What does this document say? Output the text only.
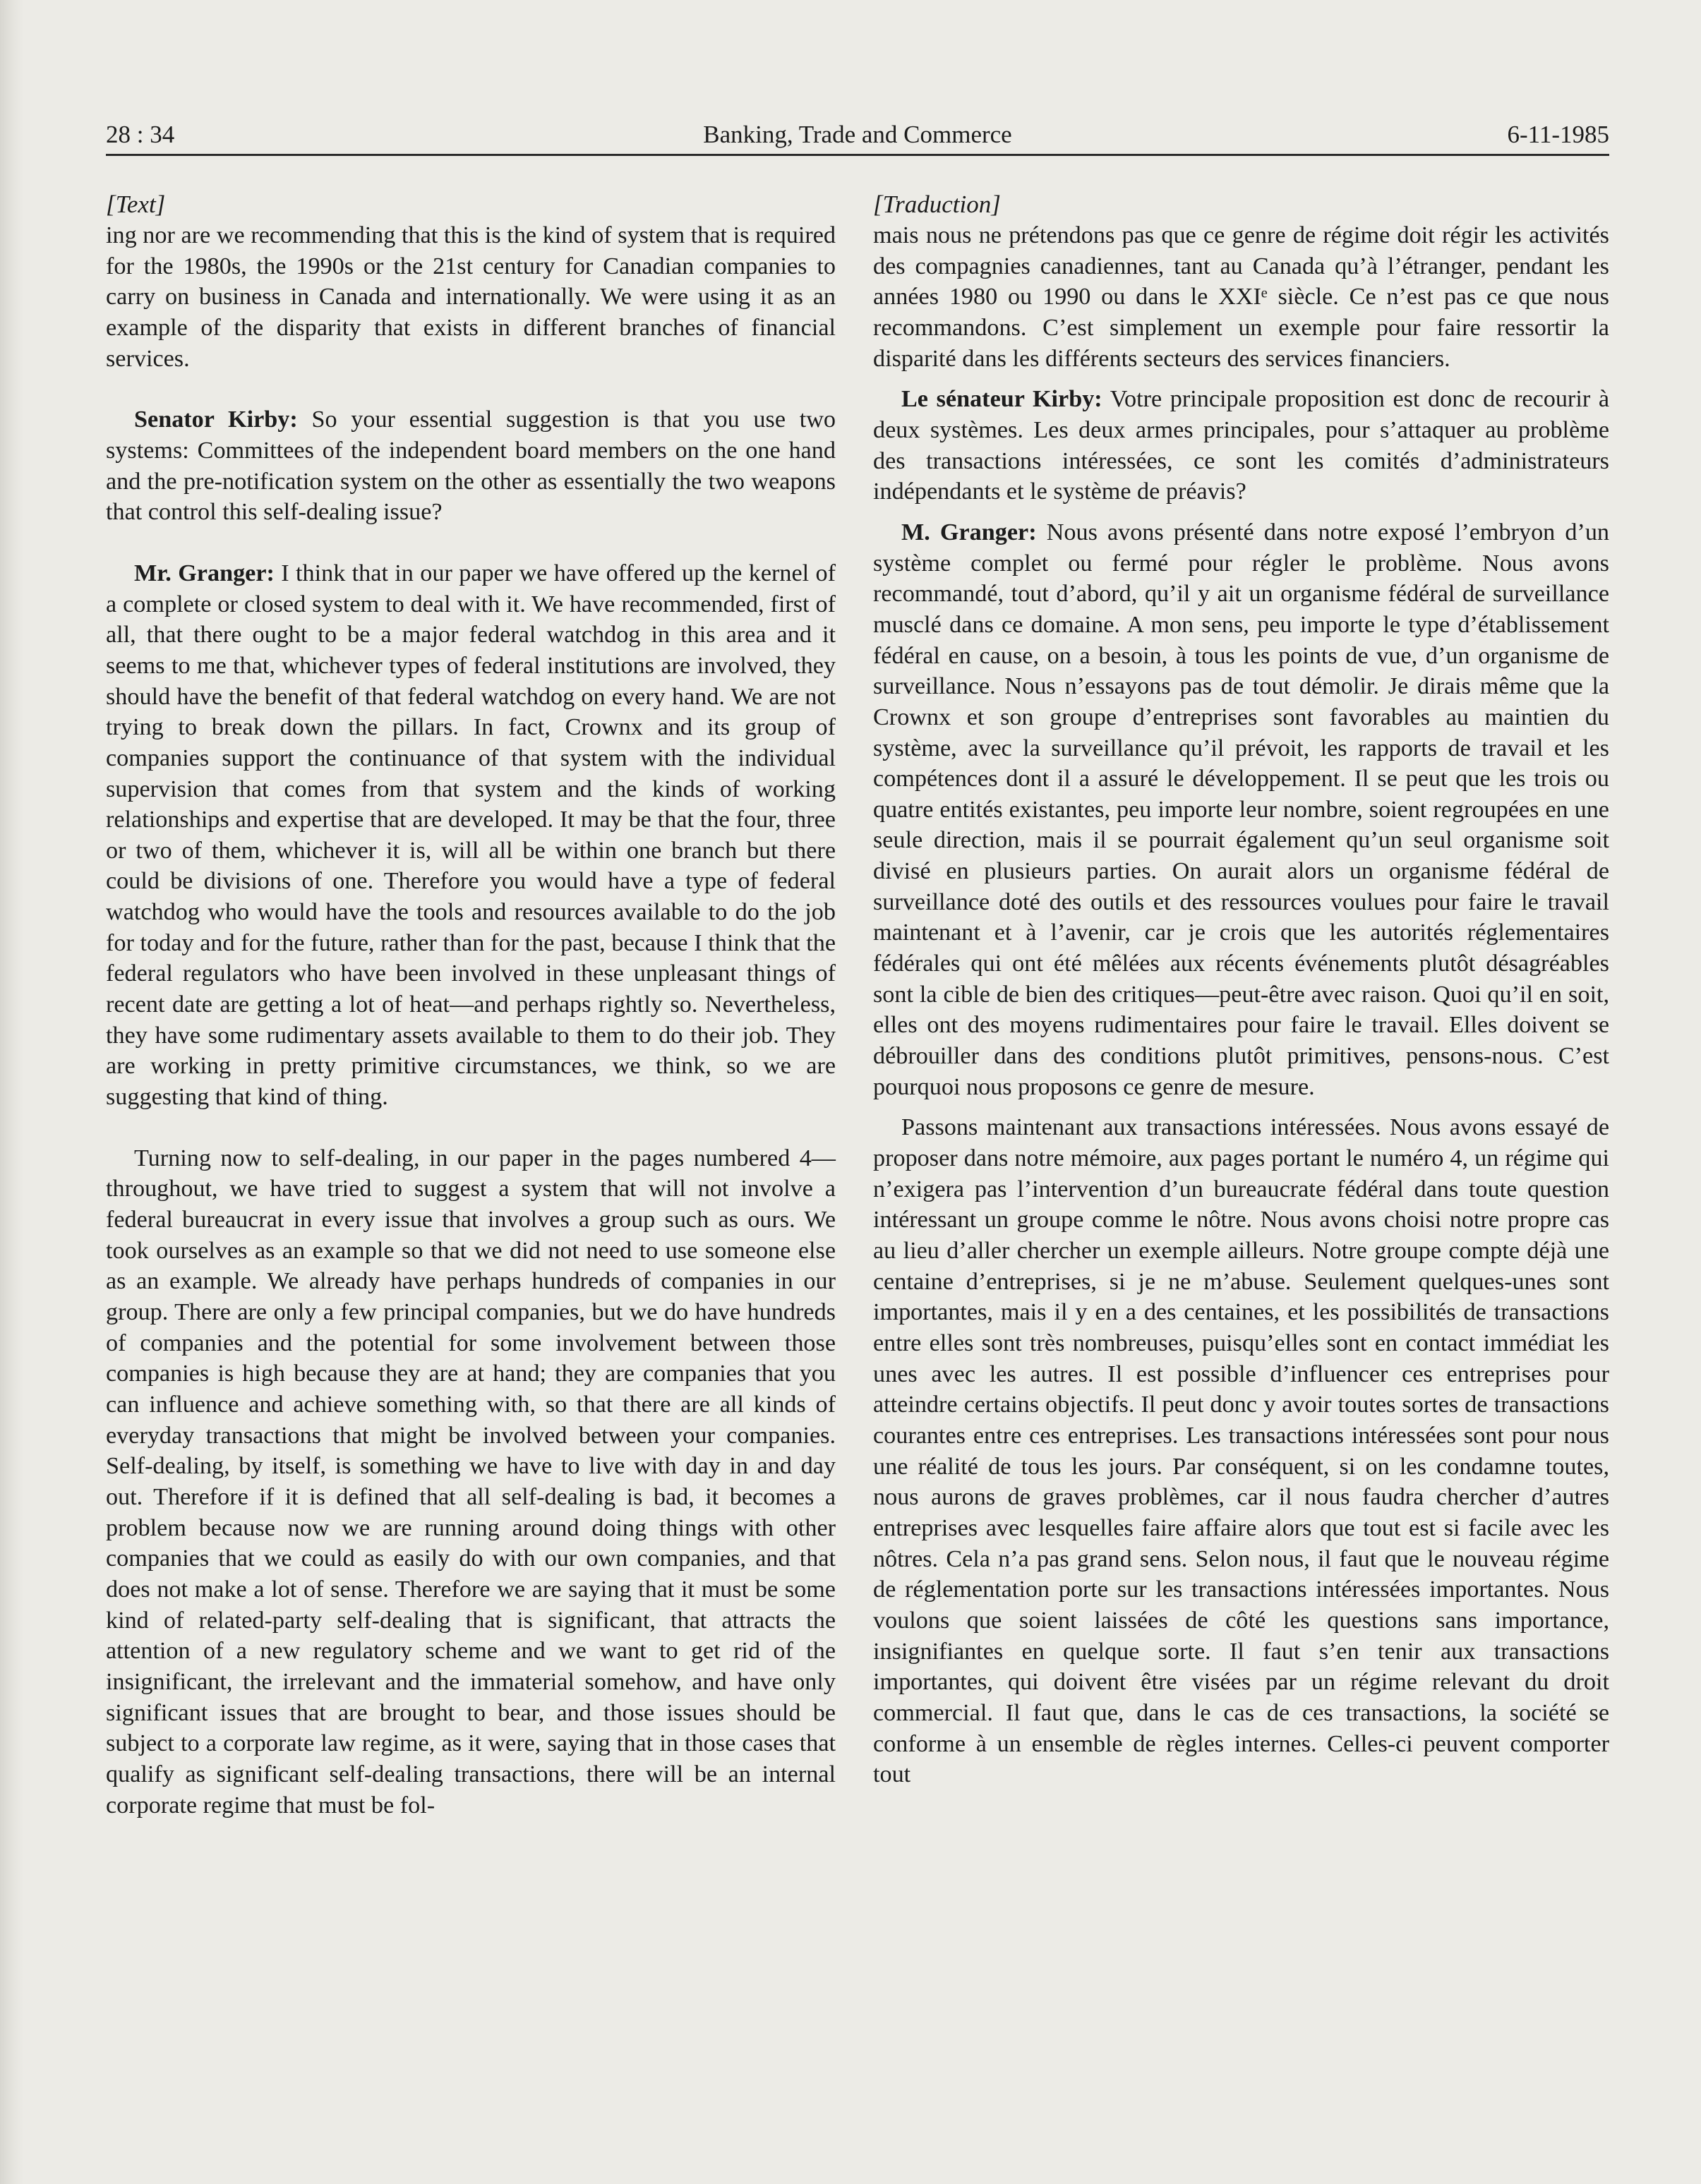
28 : 34	Banking, Trade and Commerce	6-11-1985

[Text]

ing nor are we recommending that this is the kind of system that is required for the 1980s, the 1990s or the 21st century for Canadian companies to carry on business in Canada and internationally. We were using it as an example of the disparity that exists in different branches of financial services.

Senator Kirby: So your essential suggestion is that you use two systems: Committees of the independent board members on the one hand and the pre-notification system on the other as essentially the two weapons that control this self-dealing issue?

Mr. Granger: I think that in our paper we have offered up the kernel of a complete or closed system to deal with it. We have recommended, first of all, that there ought to be a major federal watchdog in this area and it seems to me that, whichever types of federal institutions are involved, they should have the benefit of that federal watchdog on every hand. We are not trying to break down the pillars. In fact, Crownx and its group of companies support the continuance of that system with the individual supervision that comes from that system and the kinds of working relationships and expertise that are developed. It may be that the four, three or two of them, whichever it is, will all be within one branch but there could be divisions of one. Therefore you would have a type of federal watchdog who would have the tools and resources available to do the job for today and for the future, rather than for the past, because I think that the federal regulators who have been involved in these unpleasant things of recent date are getting a lot of heat—and perhaps rightly so. Nevertheless, they have some rudimentary assets available to them to do their job. They are working in pretty primitive circumstances, we think, so we are suggesting that kind of thing.

Turning now to self-dealing, in our paper in the pages numbered 4—throughout, we have tried to suggest a system that will not involve a federal bureaucrat in every issue that involves a group such as ours. We took ourselves as an example so that we did not need to use someone else as an example. We already have perhaps hundreds of companies in our group. There are only a few principal companies, but we do have hundreds of companies and the potential for some involvement between those companies is high because they are at hand; they are companies that you can influence and achieve something with, so that there are all kinds of everyday transactions that might be involved between your companies. Self-dealing, by itself, is something we have to live with day in and day out. Therefore if it is defined that all self-dealing is bad, it becomes a problem because now we are running around doing things with other companies that we could as easily do with our own companies, and that does not make a lot of sense. Therefore we are saying that it must be some kind of related-party self-dealing that is significant, that attracts the attention of a new regulatory scheme and we want to get rid of the insignificant, the irrelevant and the immaterial somehow, and have only significant issues that are brought to bear, and those issues should be subject to a corporate law regime, as it were, saying that in those cases that qualify as significant self-dealing transactions, there will be an internal corporate regime that must be fol-

[Traduction]

mais nous ne prétendons pas que ce genre de régime doit régir les activités des compagnies canadiennes, tant au Canada qu’à l’étranger, pendant les années 1980 ou 1990 ou dans le XXIᵉ siècle. Ce n’est pas ce que nous recommandons. C’est simplement un exemple pour faire ressortir la disparité dans les différents secteurs des services financiers.

Le sénateur Kirby: Votre principale proposition est donc de recourir à deux systèmes. Les deux armes principales, pour s’attaquer au problème des transactions intéressées, ce sont les comités d’administrateurs indépendants et le système de préavis?

M. Granger: Nous avons présenté dans notre exposé l’embryon d’un système complet ou fermé pour régler le problème. Nous avons recommandé, tout d’abord, qu’il y ait un organisme fédéral de surveillance musclé dans ce domaine. A mon sens, peu importe le type d’établissement fédéral en cause, on a besoin, à tous les points de vue, d’un organisme de surveillance. Nous n’essayons pas de tout démolir. Je dirais même que la Crownx et son groupe d’entreprises sont favorables au maintien du système, avec la surveillance qu’il prévoit, les rapports de travail et les compétences dont il a assuré le développement. Il se peut que les trois ou quatre entités existantes, peu importe leur nombre, soient regroupées en une seule direction, mais il se pourrait également qu’un seul organisme soit divisé en plusieurs parties. On aurait alors un organisme fédéral de surveillance doté des outils et des ressources voulues pour faire le travail maintenant et à l’avenir, car je crois que les autorités réglementaires fédérales qui ont été mêlées aux récents événements plutôt désagréables sont la cible de bien des critiques—peut-être avec raison. Quoi qu’il en soit, elles ont des moyens rudimentaires pour faire le travail. Elles doivent se débrouiller dans des conditions plutôt primitives, pensons-nous. C’est pourquoi nous proposons ce genre de mesure.

Passons maintenant aux transactions intéressées. Nous avons essayé de proposer dans notre mémoire, aux pages portant le numéro 4, un régime qui n’exigera pas l’intervention d’un bureaucrate fédéral dans toute question intéressant un groupe comme le nôtre. Nous avons choisi notre propre cas au lieu d’aller chercher un exemple ailleurs. Notre groupe compte déjà une centaine d’entreprises, si je ne m’abuse. Seulement quelques-unes sont importantes, mais il y en a des centaines, et les possibilités de transactions entre elles sont très nombreuses, puisqu’elles sont en contact immédiat les unes avec les autres. Il est possible d’influencer ces entreprises pour atteindre certains objectifs. Il peut donc y avoir toutes sortes de transactions courantes entre ces entreprises. Les transactions intéressées sont pour nous une réalité de tous les jours. Par conséquent, si on les condamne toutes, nous aurons de graves problèmes, car il nous faudra chercher d’autres entreprises avec lesquelles faire affaire alors que tout est si facile avec les nôtres. Cela n’a pas grand sens. Selon nous, il faut que le nouveau régime de réglementation porte sur les transactions intéressées importantes. Nous voulons que soient laissées de côté les questions sans importance, insignifiantes en quelque sorte. Il faut s’en tenir aux transactions importantes, qui doivent être visées par un régime relevant du droit commercial. Il faut que, dans le cas de ces transactions, la société se conforme à un ensemble de règles internes. Celles-ci peuvent comporter tout
